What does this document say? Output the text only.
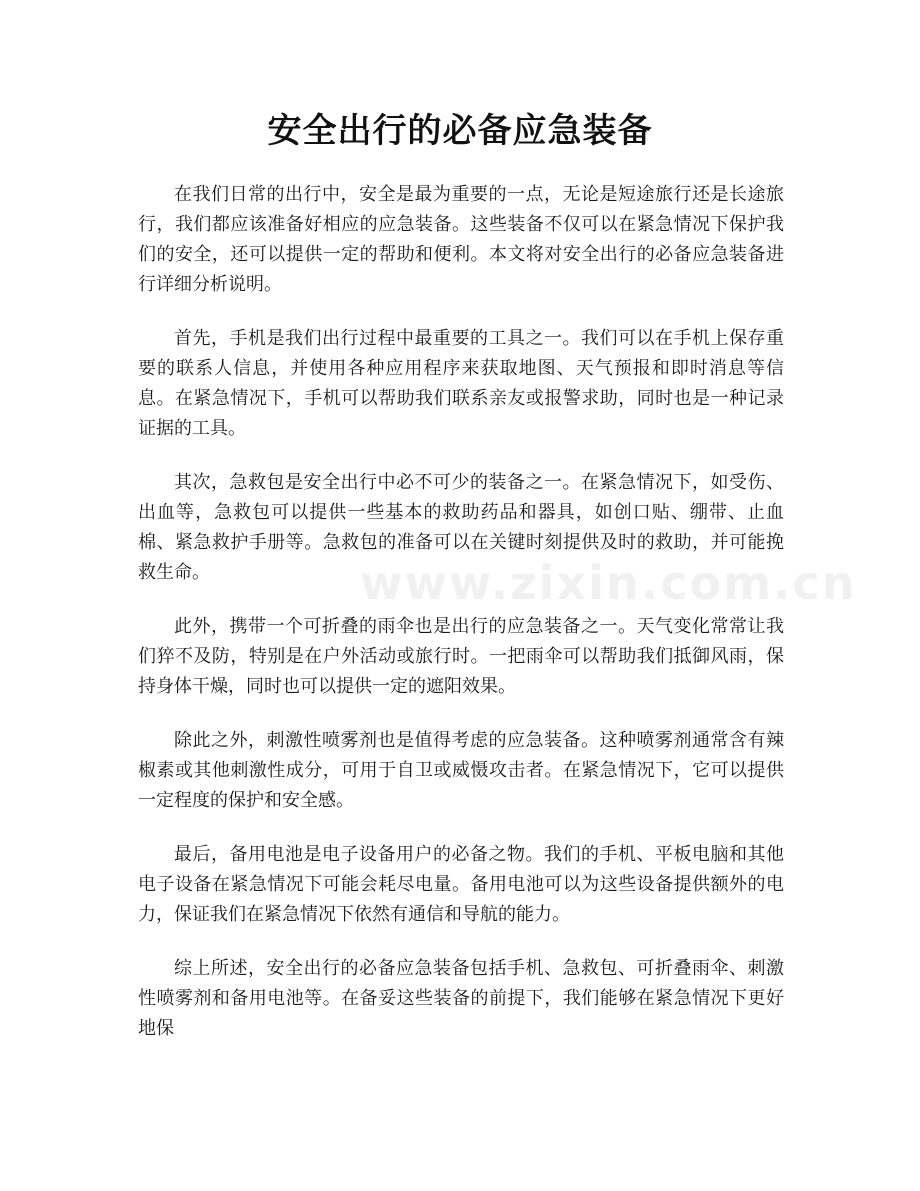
安全出行的必备应急装备

在我们日常的出行中，安全是最为重要的一点，无论是短途旅行还是长途旅行，我们都应该准备好相应的应急装备。这些装备不仅可以在紧急情况下保护我们的安全，还可以提供一定的帮助和便利。本文将对安全出行的必备应急装备进行详细分析说明。

首先，手机是我们出行过程中最重要的工具之一。我们可以在手机上保存重要的联系人信息，并使用各种应用程序来获取地图、天气预报和即时消息等信息。在紧急情况下，手机可以帮助我们联系亲友或报警求助，同时也是一种记录证据的工具。

其次，急救包是安全出行中必不可少的装备之一。在紧急情况下，如受伤、出血等，急救包可以提供一些基本的救助药品和器具，如创口贴、绷带、止血棉、紧急救护手册等。急救包的准备可以在关键时刻提供及时的救助，并可能挽救生命。

此外，携带一个可折叠的雨伞也是出行的应急装备之一。天气变化常常让我们猝不及防，特别是在户外活动或旅行时。一把雨伞可以帮助我们抵御风雨，保持身体干燥，同时也可以提供一定的遮阳效果。

除此之外，刺激性喷雾剂也是值得考虑的应急装备。这种喷雾剂通常含有辣椒素或其他刺激性成分，可用于自卫或威慑攻击者。在紧急情况下，它可以提供一定程度的保护和安全感。

最后，备用电池是电子设备用户的必备之物。我们的手机、平板电脑和其他电子设备在紧急情况下可能会耗尽电量。备用电池可以为这些设备提供额外的电力，保证我们在紧急情况下依然有通信和导航的能力。

综上所述，安全出行的必备应急装备包括手机、急救包、可折叠雨伞、刺激性喷雾剂和备用电池等。在备妥这些装备的前提下，我们能够在紧急情况下更好地保

www.zixin.com.cn
